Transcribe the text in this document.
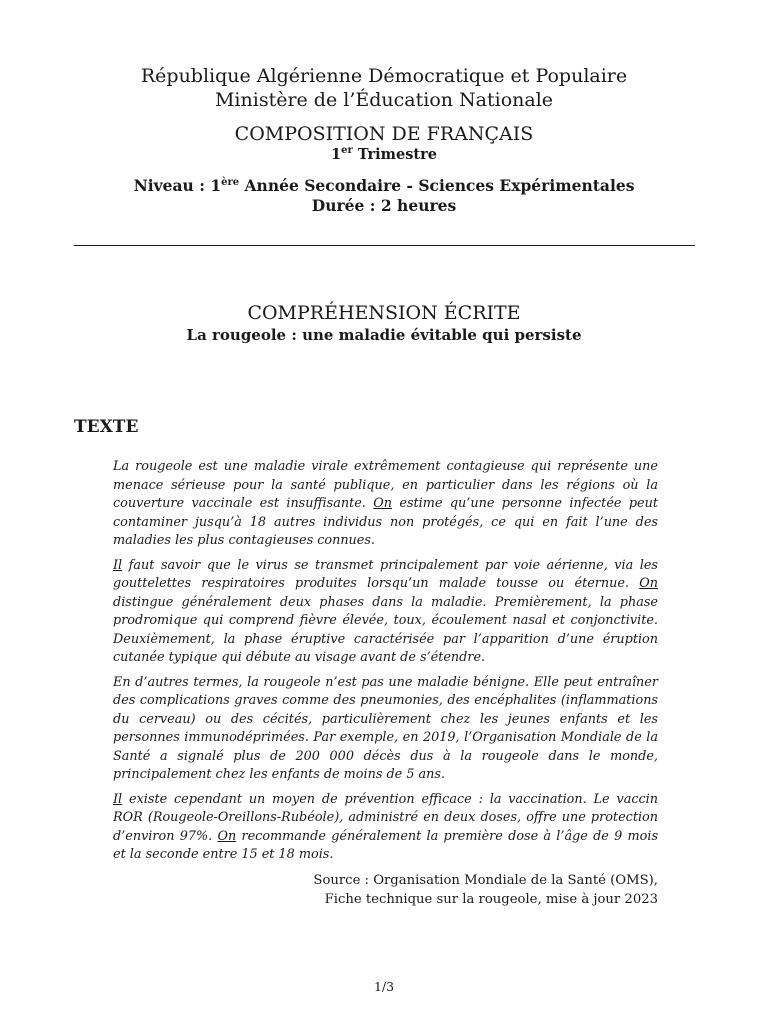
République Algérienne Démocratique et Populaire
Ministère de l’Éducation Nationale
COMPOSITION DE FRANÇAIS
1er Trimestre
Niveau : 1ère Année Secondaire - Sciences Expérimentales
Durée : 2 heures
COMPRÉHENSION ÉCRITE
La rougeole : une maladie évitable qui persiste
TEXTE

La rougeole est une maladie virale extrêmement contagieuse qui représente une menace sérieuse pour la santé publique, en particulier dans les régions où la couverture vaccinale est insuffisante. On estime qu’une personne infectée peut contaminer jusqu’à 18 autres individus non protégés, ce qui en fait l’une des maladies les plus contagieuses connues.

Il faut savoir que le virus se transmet principalement par voie aérienne, via les gouttelettes respiratoires produites lorsqu’un malade tousse ou éternue. On distingue généralement deux phases dans la maladie. Premièrement, la phase prodromique qui comprend fièvre élevée, toux, écoulement nasal et conjonctivite. Deuxièmement, la phase éruptive caractérisée par l’apparition d’une éruption cutanée typique qui débute au visage avant de s’étendre.

En d’autres termes, la rougeole n’est pas une maladie bénigne. Elle peut entraîner des complications graves comme des pneumonies, des encéphalites (inflammations du cerveau) ou des cécités, particulièrement chez les jeunes enfants et les personnes immunodéprimées. Par exemple, en 2019, l’Organisation Mondiale de la Santé a signalé plus de 200 000 décès dus à la rougeole dans le monde, principalement chez les enfants de moins de 5 ans.

Il existe cependant un moyen de prévention efficace : la vaccination. Le vaccin ROR (Rougeole-Oreillons-Rubéole), administré en deux doses, offre une protection d’environ 97%. On recommande généralement la première dose à l’âge de 9 mois et la seconde entre 15 et 18 mois.

Source : Organisation Mondiale de la Santé (OMS),
Fiche technique sur la rougeole, mise à jour 2023
1/3
